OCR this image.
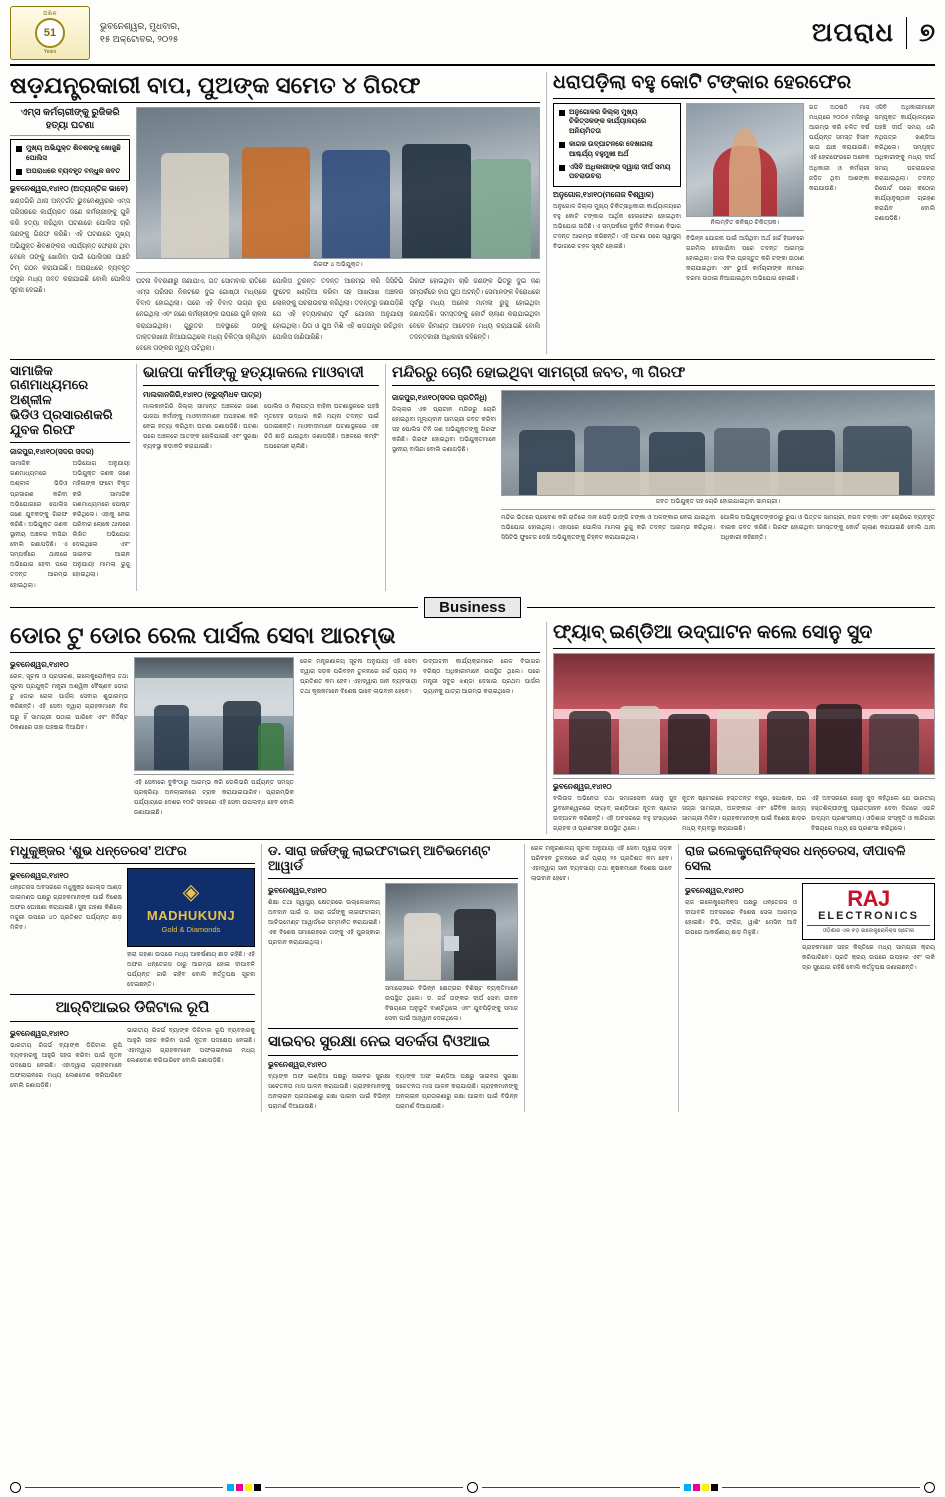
ଅଖିଳ
51
Years
ଭୁବନେଶ୍ୱର, ମୁଧବାର,
୧୫ ଅକ୍ଟୋବର, ୨୦୨୫	ଅପରାଧ ୭
ଷଡ଼ଯନ୍ତ୍ରକାରୀ ବାପ, ପୁଅଙ୍କ ସମେତ ୪ ଗିରଫ
ଏମ୍ସ କର୍ମଚାରୀଙ୍କୁ ରୁଜିକରି ହତ୍ୟା ଘଟଣା
ମୁଖ୍ୟ ଅଭିଯୁକ୍ତ ଶିବଶଙ୍କୁ ଖୋଜୁଛି ପୋଲିସ
ଅପରାଧରେ ବ୍ୟବହୃତ ବନ୍ଧୁକ ଜବତ
ଭୁବନେଶ୍ୱର,୧୪ା୧୦ (ଅତ୍ୟନ୍ତିକ ଭାବେ)
ଖଣ୍ଡଗିରି ଥାନା ଅନ୍ତର୍ଗତ ଭୁବନେଶ୍ୱରର ଏମ୍ସ ପରିସରରେ କାର୍ଯ୍ୟରତ ଜଣେ କର୍ମଚାରୀଙ୍କୁ ଗୁଳି କରି ହତ୍ୟା କରିଥିବା ଘଟଣାରେ ପୋଲିସ ଚାରି ଜଣଙ୍କୁ ଗିରଫ କରିଛି। ଏହି ଘଟଣାରେ ମୁଖ୍ୟ ଅଭିଯୁକ୍ତ ଶିବଶଙ୍କର ଏପର୍ଯ୍ୟନ୍ତ ଫେରାର ଥିବା ବେଳେ ତାଙ୍କୁ ଖୋଜିବା ପାଇଁ ପୋଲିସର ପାଞ୍ଚଟି ଟିମ୍ ଗଠନ କରାଯାଇଛି। ଅପରାଧରେ ବ୍ୟବହୃତ ଅସ୍ତ୍ର ମଧ୍ୟ ଜବତ କରାଯାଇଛି ବୋଲି ପୋଲିସ ସୂଚନା ଦେଇଛି।
ଗିରଫ ୪ ଅଭିଯୁକ୍ତ।
ଘଟନା ବିବରଣୀରୁ ଜଣାଯାଏ, ଗତ ସୋମବାର ରାତିରେ ଏମ୍ସ ପରିସର ନିକଟରେ ଦୁଇ ଗୋଷ୍ଠୀ ମଧ୍ୟରେ ବିବାଦ ହୋଇଥିଲା। ପରେ ଏହି ବିବାଦ ଉଗ୍ର ରୂପ ନେଇଥିଲା ଏବଂ ଜଣେ କର୍ମଚାରୀଙ୍କ ଉପରେ ଗୁଳି ଚାଳନା କରାଯାଇଥିଲା। ଗୁରୁତର ଅବସ୍ଥାରେ ତାଙ୍କୁ ଡାକ୍ତରଖାନା ନିଆଯାଇଥିଲେ ମଧ୍ୟ ଚିକିତ୍ସା ଚାଲିଥିବା ବେଳେ ତାଙ୍କର ମୃତ୍ୟୁ ଘଟିଥିଲା।
ପୋଲିସ ତୁରନ୍ତ ତଦନ୍ତ ଆରମ୍ଭ କରି ସିସିଟିଭି ଫୁଟେଜ ଖଣ୍ଡିଆ କରିବା ସହ ଆଖପାଖ ଅଞ୍ଚଳର ଲୋକଙ୍କୁ ପଚରାଉଚରା କରିଥିଲା। ତଦନ୍ତରୁ ଜଣାପଡ଼ିଛି ଯେ ଏହି ହତ୍ୟାକାଣ୍ଡ ପୂର୍ବ ଯୋଜନା ଅନୁଯାୟୀ ହୋଇଥିଲା। ପିତା ଓ ପୁଅ ମିଶି ଏହି ଷଡ଼ଯନ୍ତ୍ର ରଚିଥିବା ପୋଲିସ ଜାଣିପାରିଛି।
ଗିରଫ ହୋଇଥିବା ଚାରି ଜଣଙ୍କ ଭିତରୁ ଦୁଇ ଜଣ ସମ୍ପର୍କରେ ବାପ ପୁଅ ଅଟନ୍ତି। ସେମାନଙ୍କ ବିରୋଧରେ ପୂର୍ବରୁ ମଧ୍ୟ ଅନେକ ମାମଲା ରୁଜୁ ହୋଇଥିବା ଜଣାପଡ଼ିଛି। ସମସ୍ତଙ୍କୁ କୋର୍ଟ ଚାଲାଣ କରାଯାଇଥିବା ବେଳେ ରିମାଣ୍ଡ ଆବେଦନ ମଧ୍ୟ କରାଯାଇଛି ବୋଲି ତଦନ୍ତକାରୀ ଅଧିକାରୀ କହିଛନ୍ତି।
ଧରାପଡ଼ିଲା ବହୁ କୋଟି ଟଙ୍କାର ହେରଫେର
ଅନୁଗୋଳର ଜିଲ୍ଲା ମୁଖ୍ୟ ଚିକିତ୍ସକଙ୍କ କାର୍ଯ୍ୟାଳୟରେ ଅନିୟମିତତା
କାଗଜ ଉଦ୍‌ଘାଟନରେ ଦେଖାଗଲା ଆଶ୍ଚର୍ଯ୍ୟ ବହୁମୁଖୀ ଅର୍ଥ
ଏସିବି ଅଧିକାରୀଙ୍କ ଦ୍ୱାରା ଦୀର୍ଘ ସମୟ ପଚରାଉଚରା
ଅନୁଗୋଳ,୧୪ା୧୦(ମନୋଜ ବିଶ୍ୱାଳ)
ଅନୁଗୋଳ ଜିଲ୍ଲା ମୁଖ୍ୟ ଚିକିତ୍ସାଧିକାରୀ କାର୍ଯ୍ୟାଳୟରେ ବହୁ କୋଟି ଟଙ୍କାର ଆର୍ଥିକ ହେରଫେର ହୋଇଥିବା ଅଭିଯୋଗ ଉଠିଛି। ଏ ସମ୍ପର୍କରେ ଦୁର୍ନୀତି ନିବାରଣ ବିଭାଗ ତଦନ୍ତ ଆରମ୍ଭ କରିଛନ୍ତି। ଏହି ଘଟଣା ପରେ ସ୍ୱାସ୍ଥ୍ୟ ବିଭାଗରେ ଚହଳ ସୃଷ୍ଟି ହୋଇଛି।
ନିଲମ୍ବିତ କନିଷ୍ଠ ଚିକିତ୍ସକ।
ବିଭିନ୍ନ ଯୋଜନା ପାଇଁ ଆସିଥିବା ଅର୍ଥ ଖର୍ଚ୍ଚ ହିସାବରେ ଗରମିଲ ଦେଖାଯିବା ପରେ ତଦନ୍ତ ଆରମ୍ଭ ହୋଇଥିଲା। ଜାଲ ବିଲ ପ୍ରସ୍ତୁତ କରି ଟଙ୍କା ଉଠାଣ କରାଯାଇଥିବା ଏବଂ ଭୁଆଁ କର୍ମଚାରୀଙ୍କ ନାମରେ ଦରମା ଉଠାଇ ନିଆଯାଇଥିବା ଅଭିଯୋଗ ହୋଇଛି।
ଗତ ଅଠଷଠି ମାସ ମଧ୍ୟରେ ୨୦୦୫ ମସିହାରୁ ଆରମ୍ଭ କରି ଚଳିତ ବର୍ଷ ପର୍ଯ୍ୟନ୍ତ ସମସ୍ତ ହିସାବ ଖାତା ଯାଞ୍ଚ କରାଯାଉଛି। ଏହି ହେରଫେରରେ ଅନେକ ଅଧିକାରୀ ଓ କର୍ମଚାରୀ ଜଡ଼ିତ ଥିବା ଆଶଙ୍କା କରାଯାଉଛି।
ଏସିବି ଅଧିକାରୀମାନେ ସମ୍ପୃକ୍ତ କାର୍ଯ୍ୟାଳୟରେ ପହଞ୍ଚି ଦୀର୍ଘ ସମୟ ଧରି ନଥିପତ୍ର ଖଣ୍ଡିଆ କରିଥିଲେ। ସମ୍ପୃକ୍ତ ଅଧିକାରୀଙ୍କୁ ମଧ୍ୟ ଦୀର୍ଘ ସମୟ ପଚରାଉଚରା କରାଯାଇଥିଲା। ତଦନ୍ତ ରିପୋର୍ଟ ପରେ କଠୋର କାର୍ଯ୍ୟାନୁଷ୍ଠାନ ଗ୍ରହଣ କରାଯିବ ବୋଲି ଜଣାପଡ଼ିଛି।
ସାମାଜିକ ଗଣମାଧ୍ୟମରେ ଅଶ୍ଳୀଳ
ଭିଡିଓ ପ୍ରସାରଣକରି ଯୁବକ ଗିରଫ
ଜାଜପୁର,୧୪ା୧୦(ସଦର ସଦର)
ସାମାଜିକ ଗଣମାଧ୍ୟମରେ ଅଶ୍ଳୀଳ ଭିଡିଓ ପ୍ରସାରଣ କରିବା ଅଭିଯୋଗରେ ପୋଲିସ ଜଣେ ଯୁବକଙ୍କୁ ଗିରଫ କରିଛି। ଅଭିଯୁକ୍ତ ଜଣକ ସ୍ଥାନୀୟ ଅଞ୍ଚଳର ବାସିନ୍ଦା ବୋଲି ଜଣାପଡ଼ିଛି। ଏ ସମ୍ପର୍କରେ ଥାନାରେ ଅଭିଯୋଗ ହେବା ପରେ ତଦନ୍ତ ଆରମ୍ଭ ହୋଇଥିଲା।
ଅଭିଯୋଗ ଅନୁଯାୟୀ ଅଭିଯୁକ୍ତ ଜଣକ ଜଣେ ମହିଳାଙ୍କ ଫଟୋ ବିକୃତ କରି ସାମାଜିକ ଗଣମାଧ୍ୟମରେ ପୋଷ୍ଟ କରିଥିଲେ। ଏହାକୁ ନେଇ ପରିବାର ଲୋକେ ଥାନାରେ ଲିଖିତ ଅଭିଯୋଗ ଦେଇଥିଲେ ଏବଂ ସାଇବର ଆଇନ ଅନୁଯାୟୀ ମାମଲା ରୁଜୁ ହୋଇଥିଲା।
ଭାଜପା କର୍ମୀଙ୍କୁ ହତ୍ୟାକଲେ ମାଓବାଦୀ
ମାଲକାନଗିରି,୧୪ା୧୦ (ବ୍ରୁସ୍‌ମିଧବ ପାତ୍ର)
ମାଲକାନଗିରି ଜିଲ୍ଲା ସୀମାନ୍ତ ଅଞ୍ଚଳରେ ଜଣେ ଭାଜପା କର୍ମୀଙ୍କୁ ମାଓବାଦୀମାନେ ଅପହରଣ କରି ନେଇ ହତ୍ୟା କରିଥିବା ଘଟଣା ଜଣାପଡ଼ିଛି। ଘଟଣା ପରେ ଅଞ୍ଚଳରେ ଆତଙ୍କ ଖେଳିଯାଇଛି ଏବଂ ସୁରକ୍ଷା ବ୍ୟବସ୍ଥା କଡ଼ାକଡ଼ି କରାଯାଇଛି।
ପୋଲିସ ଓ ନିରାପତ୍ତା ବାହିନୀ ଘଟଣାସ୍ଥଳରେ ପହଞ୍ଚି ମୃତଦେହ ଉଦ୍ଧାର କରି ମୟନା ତଦନ୍ତ ପାଇଁ ପଠାଇଛନ୍ତି। ମାଓବାଦୀମାନେ ଘଟଣାସ୍ଥଳରେ ଏକ ଚିଠି ଛାଡ଼ି ଯାଇଥିବା ଜଣାପଡ଼ିଛି। ଅଞ୍ଚଳରେ କମ୍ବିଂ ଅପରେସନ ଚାଲିଛି।
ମନ୍ଦିରରୁ ଚୋରି ହୋଇଥିବା ସାମଗ୍ରୀ ଜବତ, ୩ ଗିରଫ
ଜାଜପୁର,୧୪ା୧୦(ସଦର ପ୍ରତିନିଧି)
ଜିଲ୍ଲାର ଏକ ପ୍ରାଚୀନ ମନ୍ଦିରରୁ ଚୋରି ହୋଇଥିବା ମୂଲ୍ୟବାନ ସାମଗ୍ରୀ ଜବତ କରିବା ସହ ପୋଲିସ ତିନି ଜଣ ଅଭିଯୁକ୍ତଙ୍କୁ ଗିରଫ କରିଛି। ଗିରଫ ହୋଇଥିବା ଅଭିଯୁକ୍ତମାନେ ସ୍ଥାନୀୟ ବାସିନ୍ଦା ବୋଲି ଜଣାପଡ଼ିଛି।
ଜବତ ଅଭିଯୁକ୍ତ ସହ ଚୋରି ହୋଇଯାଇଥିବା ସାମଗ୍ରୀ।
ମନ୍ଦିର ଭିତରେ ପ୍ରବେଶ କରି ରାତିରେ ଦାନ ପେଡ଼ି ଭାଙ୍ଗି ଟଙ୍କା ଓ ଅଳଙ୍କାର ନେଇ ଯାଇଥିବା ଅଭିଯୋଗ ହୋଇଥିଲା। ଏହାପରେ ପୋଲିସ ମାମଲା ରୁଜୁ କରି ତଦନ୍ତ ଆରମ୍ଭ କରିଥିଲା। ସିସିଟିଭି ଫୁଟେଜ ଦେଖି ଅଭିଯୁକ୍ତଙ୍କୁ ଚିହ୍ନଟ କରାଯାଇଥିଲା।
ପୋଲିସ ଅଭିଯୁକ୍ତଙ୍କଠାରୁ ରୁପା ଓ ପିତ୍ତଳ ସାମଗ୍ରୀ, ନଗଦ ଟଙ୍କା ଏବଂ ଚୋରିରେ ବ୍ୟବହୃତ ବାଇକ ଜବତ କରିଛି। ଗିରଫ ହୋଇଥିବା ସମସ୍ତଙ୍କୁ କୋର୍ଟ ଚାଲାଣ କରାଯାଇଛି ବୋଲି ଥାନା ଅଧିକାରୀ କହିଛନ୍ତି।
Business
ଡୋର ଟୁ ଡୋର ରେଲ ପାର୍ସଲ ସେବା ଆରମ୍ଭ
ଭୁବନେଶ୍ୱର,୧୪ା୧୦
ରେଳ, ସୂଚନା ଓ ପ୍ରସାରଣ, ଇଲେକ୍ଟ୍ରୋନିକ୍ସ ତଥା ସୂଚନା ପ୍ରଯୁକ୍ତି ମନ୍ତ୍ରୀ ଅଶ୍ୱିନୀ ବୈଷ୍ଣବ ଡୋର ଟୁ ଡୋର ରେଲ ପାର୍ସଲ ସେବାର ଶୁଭାରମ୍ଭ କରିଛନ୍ତି। ଏହି ସେବା ଦ୍ୱାରା ଗ୍ରାହକମାନେ ନିଜ ଘରୁ ହିଁ ସାମଗ୍ରୀ ପଠାଇ ପାରିବେ ଏବଂ ନିର୍ଦ୍ଦିଷ୍ଟ ଠିକଣାରେ ତାହା ପହଞ୍ଚାଇ ଦିଆଯିବ।
ଏହି ସେବାରେ ବୁକିଂଠାରୁ ଆରମ୍ଭ କରି ଡେଲିଭରି ପର୍ଯ୍ୟନ୍ତ ସମସ୍ତ ପ୍ରକ୍ରିୟା ଅନଲାଇନରେ ଟ୍ରାକ କରାଯାଇପାରିବ। ପ୍ରାରମ୍ଭିକ ପର୍ଯ୍ୟାୟରେ ଦେଶର ୧୦ଟି ସହରରେ ଏହି ସେବା ଉପଲବ୍ଧ ହେବ ବୋଲି ଜଣାଯାଇଛି।
ରେଳ ମନ୍ତ୍ରଣାଳୟ ସୂଚନା ଅନୁଯାୟୀ ଏହି ସେବା ଦ୍ୱାରା ସଡ଼କ ପରିବହନ ତୁଳନାରେ ଖର୍ଚ୍ଚ ପ୍ରାୟ ୨୫ ପ୍ରତିଶତ କମ ହେବ। ଏହାଦ୍ୱାରା ସାନ ବ୍ୟବସାୟୀ ତଥା କୃଷକମାନେ ବିଶେଷ ଭାବେ ଲାଭବାନ ହେବେ।
ଉଦ୍‌ଘାଟନୀ କାର୍ଯ୍ୟକ୍ରମରେ ରେଳ ବିଭାଗର ବରିଷ୍ଠ ଅଧିକାରୀମାନେ ଉପସ୍ଥିତ ଥିଲେ। ପରେ ମନ୍ତ୍ରୀ ସବୁଜ ଝଣ୍ଡା ଦେଖାଇ ପ୍ରଥମ ପାର୍ସଲ ଭ୍ୟାନକୁ ଯାତ୍ରା ଆରମ୍ଭ କରାଇଥିଲେ।
ଫ୍ୟାବ୍ ଇଣ୍ଡିଆ ଉଦ୍‌ଘାଟନ କଲେ ସୋନୁ ସୁଦ
ଭୁବନେଶ୍ୱର,୧୪ା୧୦
ବଲିଉଡ ଅଭିନେତା ତଥା ସମାଜସେବୀ ସୋନୁ ସୁଦ ଭୁବନେଶ୍ୱରରେ ଫ୍ୟାବ୍ ଇଣ୍ଡିଆର ନୂତନ ଷ୍ଟୋର ଉଦ୍‌ଘାଟନ କରିଛନ୍ତି। ଏହି ଅବସରରେ ବହୁ ସଂଖ୍ୟାରେ ଗ୍ରାହକ ଓ ପ୍ରଶଂସକ ଉପସ୍ଥିତ ଥିଲେ।
ନୂତନ ଷ୍ଟୋରରେ ହସ୍ତତନ୍ତ ବସ୍ତ୍ର, ପୋଷାକ, ଘର ସଜ୍ଜା ସାମଗ୍ରୀ, ଅଳଙ୍କାର ଏବଂ ଜୈବିକ ଖାଦ୍ୟ ସାମଗ୍ରୀ ମିଳିବ। ଗ୍ରାହକମାନଙ୍କ ପାଇଁ ବିଶେଷ ଛାଡ଼ର ମଧ୍ୟ ବ୍ୟବସ୍ଥା କରାଯାଇଛି।
ଏହି ଅବସରରେ ସୋନୁ ସୁଦ କହିଥିଲେ ଯେ ଭାରତୀୟ ହସ୍ତଶିଳ୍ପୀଙ୍କୁ ପ୍ରୋତ୍ସାହନ ଦେବା ଦିଗରେ ଏଭଳି ଉଦ୍ୟମ ପ୍ରଶଂସନୀୟ। ଓଡ଼ିଶାର ସଂସ୍କୃତି ଓ କାରିଗରୀ ବିଷୟରେ ମଧ୍ୟ ସେ ପ୍ରଶଂସା କରିଥିଲେ।
ମଧୁକୁଞ୍ଜର ‘ଶୁଭ ଧନ୍‌ତେରସ’ ଅଫର
ଭୁବନେଶ୍ୱର,୧୪ା୧୦
ଧନ୍‌ତେରସ ଅବସରରେ ମଧୁକୁଞ୍ଜ ଗୋଲ୍ଡ ଆଣ୍ଡ ଡାଇମଣ୍ଡ ପକ୍ଷରୁ ଗ୍ରାହକମାନଙ୍କ ପାଇଁ ବିଶେଷ ଅଫର ଘୋଷଣା କରାଯାଇଛି। ସୁନା ଗହଣା କିଣିଲେ ମଜୁରୀ ଉପରେ ୪୦ ପ୍ରତିଶତ ପର୍ଯ୍ୟନ୍ତ ଛାଡ଼ ମିଳିବ।
◈
MADHUKUNJ
Gold & Diamonds
ହୀରା ଗହଣା ଉପରେ ମଧ୍ୟ ଆକର୍ଷଣୀୟ ଛାଡ଼ ରହିଛି। ଏହି ଅଫର ଧନ୍‌ତେରସ ଠାରୁ ଆରମ୍ଭ ହୋଇ ଦୀପାବଳି ପର୍ଯ୍ୟନ୍ତ ଜାରି ରହିବ ବୋଲି କର୍ତ୍ତୃପକ୍ଷ ସୂଚନା ଦେଇଛନ୍ତି।
ଆର୍‌ବିଆଇର ଡିଜିଟାଲ ରୂପି
ଭୁବନେଶ୍ୱର,୧୪ା୧୦
ଭାରତୀୟ ରିଜର୍ଭ ବ୍ୟାଙ୍କ ଡିଜିଟାଲ ରୂପି ବ୍ୟବହାରକୁ ଆହୁରି ସହଜ କରିବା ପାଇଁ ନୂତନ ପଦକ୍ଷେପ ନେଇଛି। ଏହାଦ୍ୱାରା ଗ୍ରାହକମାନେ ଅଫଲାଇନରେ ମଧ୍ୟ ଲେଣଦେଣ କରିପାରିବେ ବୋଲି ଜଣାପଡ଼ିଛି।
ଭାରତୀୟ ରିଜର୍ଭ ବ୍ୟାଙ୍କ ଡିଜିଟାଲ ରୂପି ବ୍ୟବହାରକୁ ଆହୁରି ସହଜ କରିବା ପାଇଁ ନୂତନ ପଦକ୍ଷେପ ନେଇଛି। ଏହାଦ୍ୱାରା ଗ୍ରାହକମାନେ ଅଫଲାଇନରେ ମଧ୍ୟ ଲେଣଦେଣ କରିପାରିବେ ବୋଲି ଜଣାପଡ଼ିଛି।
ଡ. ସାରା ଜର୍ଜଙ୍କୁ ଲାଇଫଟାଇମ୍ ଆଚିଭମେଣ୍ଟ ଆୱାର୍ଡ
ଭୁବନେଶ୍ୱର,୧୪ା୧୦
ଶିକ୍ଷା ତଥା ସ୍ୱାସ୍ଥ୍ୟ କ୍ଷେତ୍ରରେ ଉଲ୍ଲେଖନୀୟ ଅବଦାନ ପାଇଁ ଡ. ସାରା ଜର୍ଜଙ୍କୁ ଲାଇଫଟାଇମ୍ ଆଚିଭମେଣ୍ଟ ଆୱାର୍ଡରେ ସମ୍ମାନିତ କରାଯାଇଛି। ଏକ ବିଶେଷ ସମାରୋହରେ ତାଙ୍କୁ ଏହି ପୁରସ୍କାର ପ୍ରଦାନ କରାଯାଇଥିଲା।
ସମାରୋହରେ ବିଭିନ୍ନ କ୍ଷେତ୍ରର ବିଶିଷ୍ଟ ବ୍ୟକ୍ତିମାନେ ଉପସ୍ଥିତ ଥିଲେ। ଡ. ଜର୍ଜ ତାଙ୍କର ଦୀର୍ଘ ସେବା ଜୀବନ ବିଷୟରେ ଅନୁଭୂତି ବାଣ୍ଟିଥିଲେ ଏବଂ ଯୁବପିଢ଼ିଙ୍କୁ ସମାଜ ସେବା ପାଇଁ ଆହ୍ୱାନ ଦେଇଥିଲେ।
ସାଇବର ସୁରକ୍ଷା ନେଇ ସତର୍କତା ବିଓଆଇ
ଭୁବନେଶ୍ୱର,୧୪ା୧୦
ବ୍ୟାଙ୍କ ଅଫ ଇଣ୍ଡିଆ ପକ୍ଷରୁ ସାଇବର ସୁରକ୍ଷା ସଚେତନତା ମାସ ପାଳନ କରାଯାଉଛି। ଗ୍ରାହକମାନଙ୍କୁ ଅନଲାଇନ ପ୍ରତାରଣାରୁ ରକ୍ଷା ପାଇବା ପାଇଁ ବିଭିନ୍ନ ପରାମର୍ଶ ଦିଆଯାଉଛି।
ବ୍ୟାଙ୍କ ଅଫ ଇଣ୍ଡିଆ ପକ୍ଷରୁ ସାଇବର ସୁରକ୍ଷା ସଚେତନତା ମାସ ପାଳନ କରାଯାଉଛି। ଗ୍ରାହକମାନଙ୍କୁ ଅନଲାଇନ ପ୍ରତାରଣାରୁ ରକ୍ଷା ପାଇବା ପାଇଁ ବିଭିନ୍ନ ପରାମର୍ଶ ଦିଆଯାଉଛି।
ରେଳ ମନ୍ତ୍ରଣାଳୟ ସୂଚନା ଅନୁଯାୟୀ ଏହି ସେବା ଦ୍ୱାରା ସଡ଼କ ପରିବହନ ତୁଳନାରେ ଖର୍ଚ୍ଚ ପ୍ରାୟ ୨୫ ପ୍ରତିଶତ କମ ହେବ। ଏହାଦ୍ୱାରା ସାନ ବ୍ୟବସାୟୀ ତଥା କୃଷକମାନେ ବିଶେଷ ଭାବେ ଲାଭବାନ ହେବେ।
ରାଜ ଇଲେକ୍ଟ୍ରୋନିକ୍ସର ଧନ୍‌ତେରସ, ଦୀପାବଳି ସେଲ
ଭୁବନେଶ୍ୱର,୧୪ା୧୦
ରାଜ ଇଲେକ୍ଟ୍ରୋନିକ୍ସ ପକ୍ଷରୁ ଧନ୍‌ତେରସ ଓ ଦୀପାବଳି ଅବସରରେ ବିଶେଷ ସେଲ ଆରମ୍ଭ ହୋଇଛି। ଟିଭି, ଫ୍ରିଜ, ୱାଶିଂ ମେସିନ ଆଦି ଉପରେ ଆକର୍ଷଣୀୟ ଛାଡ଼ ମିଳୁଛି।
RAJ
ELECTRONICS
ଓଡ଼ିଶାର ଏକ ବଡ଼ ଇଲେକ୍ଟ୍ରୋନିକ୍ସ ଷ୍ଟୋର
ଗ୍ରାହକମାନେ ସହଜ କିସ୍ତିରେ ମଧ୍ୟ ସାମଗ୍ରୀ କ୍ରୟ କରିପାରିବେ। ପ୍ରତି କ୍ରୟ ଉପରେ ଉପହାର ଏବଂ ଲକି ଡ୍ର ସୁଯୋଗ ରହିଛି ବୋଲି କର୍ତ୍ତୃପକ୍ଷ ଜଣାଇଛନ୍ତି।
